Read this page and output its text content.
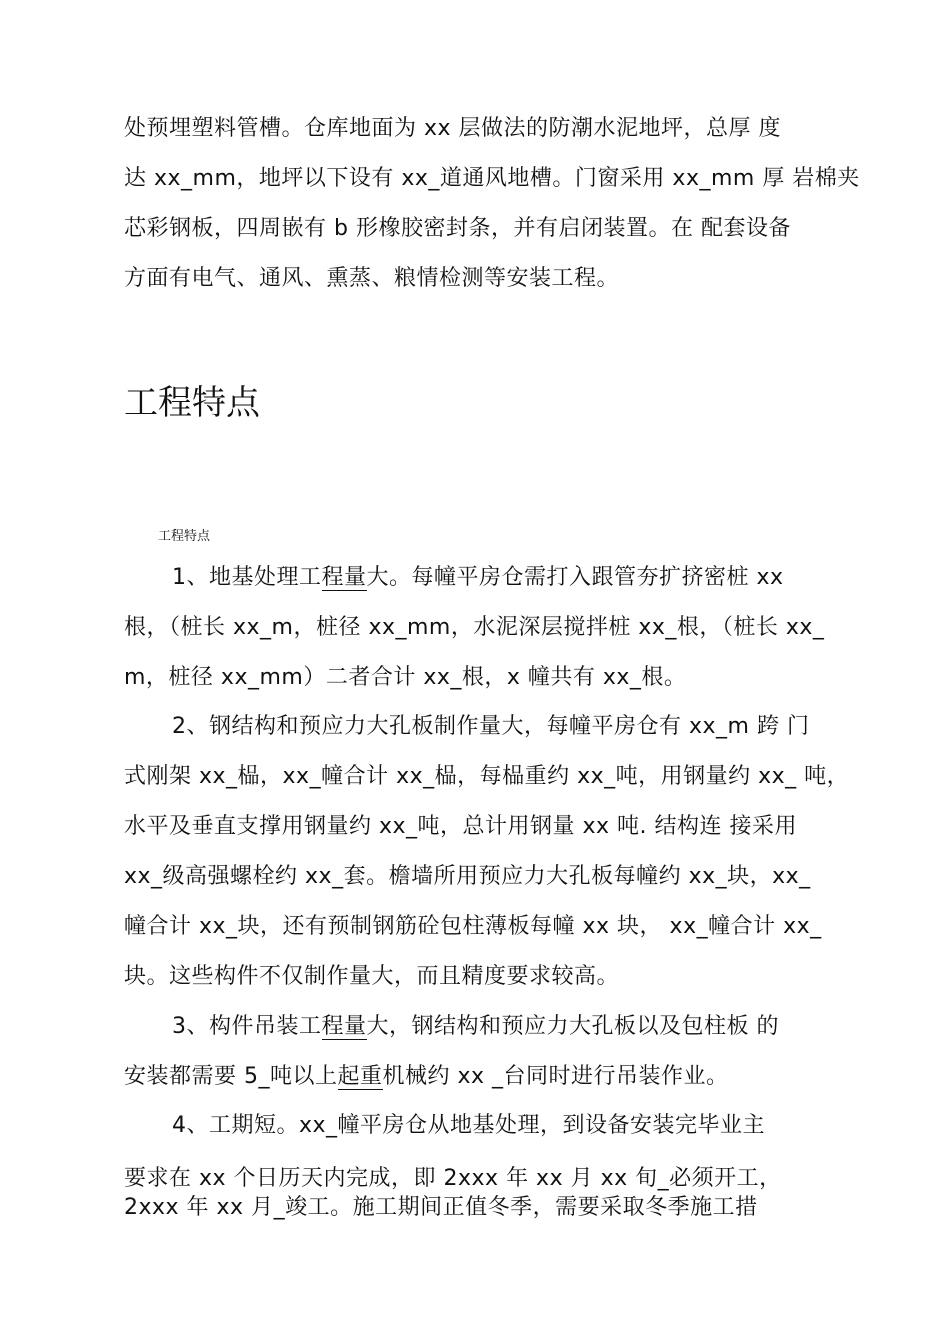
处预埋塑料管槽。仓库地面为 xx 层做法的防潮水泥地坪，总厚 度
达 xx_mm，地坪以下设有 xx_道通风地槽。门窗采用 xx_mm 厚 岩棉夹
芯彩钢板，四周嵌有 b 形橡胶密封条，并有启闭装置。在 配套设备
方面有电气、通风、熏蒸、粮情检测等安装工程。
工程特点
工程特点
1、地基处理工程量大。每幢平房仓需打入跟管夯扩挤密桩 xx
根，（桩长 xx_m，桩径 xx_mm，水泥深层搅拌桩 xx_根，（桩长 xx_
m，桩径 xx_mm）二者合计 xx_根，x 幢共有 xx_根。
2、钢结构和预应力大孔板制作量大，每幢平房仓有 xx_m 跨 门
式刚架 xx_榀，xx_幢合计 xx_榀，每榀重约 xx_吨，用钢量约 xx_ 吨，
水平及垂直支撑用钢量约 xx_吨，总计用钢量 xx 吨. 结构连 接采用
xx_级高强螺栓约 xx_套。檐墙所用预应力大孔板每幢约 xx_块，xx_
幢合计 xx_块，还有预制钢筋砼包柱薄板每幢 xx 块， xx_幢合计 xx_
块。这些构件不仅制作量大，而且精度要求较高。
3、构件吊装工程量大，钢结构和预应力大孔板以及包柱板 的
安装都需要 5_吨以上起重机械约 xx _台同时进行吊装作业。
4、工期短。xx_幢平房仓从地基处理，到设备安装完毕业主
要求在 xx 个日历天内完成，即 2xxx 年 xx 月 xx 旬_必须开工，
2xxx 年 xx 月_竣工。施工期间正值冬季，需要采取冬季施工措
